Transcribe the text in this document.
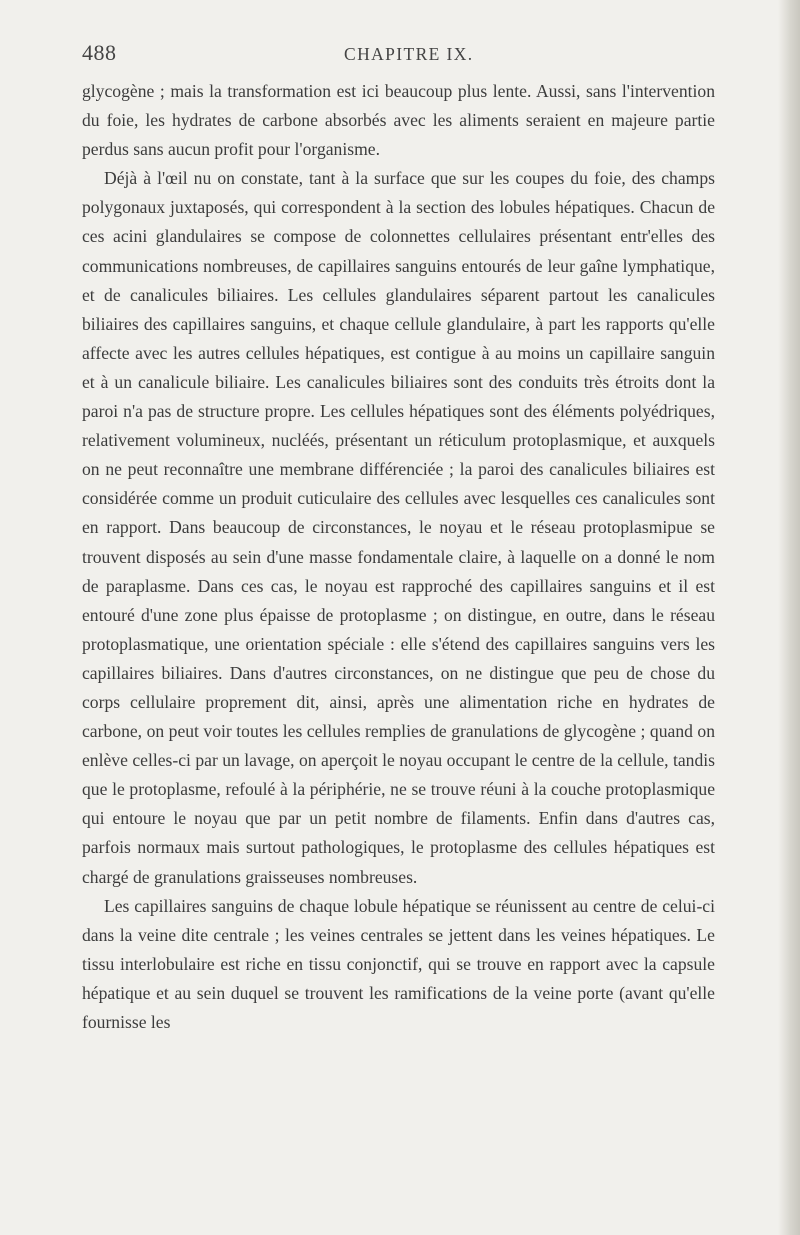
488	CHAPITRE IX.

glycogène ; mais la transformation est ici beaucoup plus lente. Aussi, sans l'intervention du foie, les hydrates de carbone absorbés avec les aliments seraient en majeure partie perdus sans aucun profit pour l'organisme.

Déjà à l'œil nu on constate, tant à la surface que sur les coupes du foie, des champs polygonaux juxtaposés, qui correspondent à la section des lobules hépatiques. Chacun de ces acini glandulaires se compose de colonnettes cellulaires présentant entr'elles des communications nombreuses, de capillaires sanguins entourés de leur gaîne lymphatique, et de canalicules biliaires. Les cellules glandulaires séparent partout les canalicules biliaires des capillaires sanguins, et chaque cellule glandulaire, à part les rapports qu'elle affecte avec les autres cellules hépatiques, est contigue à au moins un capillaire sanguin et à un canalicule biliaire. Les canalicules biliaires sont des conduits très étroits dont la paroi n'a pas de structure propre. Les cellules hépatiques sont des éléments polyédriques, relativement volumineux, nucléés, présentant un réticulum protoplasmique, et auxquels on ne peut reconnaître une membrane différenciée ; la paroi des canalicules biliaires est considérée comme un produit cuticulaire des cellules avec lesquelles ces canalicules sont en rapport. Dans beaucoup de circonstances, le noyau et le réseau protoplasmipue se trouvent disposés au sein d'une masse fondamentale claire, à laquelle on a donné le nom de paraplasme. Dans ces cas, le noyau est rapproché des capillaires sanguins et il est entouré d'une zone plus épaisse de protoplasme ; on distingue, en outre, dans le réseau protoplasmatique, une orientation spéciale : elle s'étend des capillaires sanguins vers les capillaires biliaires. Dans d'autres circonstances, on ne distingue que peu de chose du corps cellulaire proprement dit, ainsi, après une alimentation riche en hydrates de carbone, on peut voir toutes les cellules remplies de granulations de glycogène ; quand on enlève celles-ci par un lavage, on aperçoit le noyau occupant le centre de la cellule, tandis que le protoplasme, refoulé à la périphérie, ne se trouve réuni à la couche protoplasmique qui entoure le noyau que par un petit nombre de filaments. Enfin dans d'autres cas, parfois normaux mais surtout pathologiques, le protoplasme des cellules hépatiques est chargé de granulations graisseuses nombreuses.

Les capillaires sanguins de chaque lobule hépatique se réunissent au centre de celui-ci dans la veine dite centrale ; les veines centrales se jettent dans les veines hépatiques. Le tissu interlobulaire est riche en tissu conjonctif, qui se trouve en rapport avec la capsule hépatique et au sein duquel se trouvent les ramifications de la veine porte (avant qu'elle fournisse les
